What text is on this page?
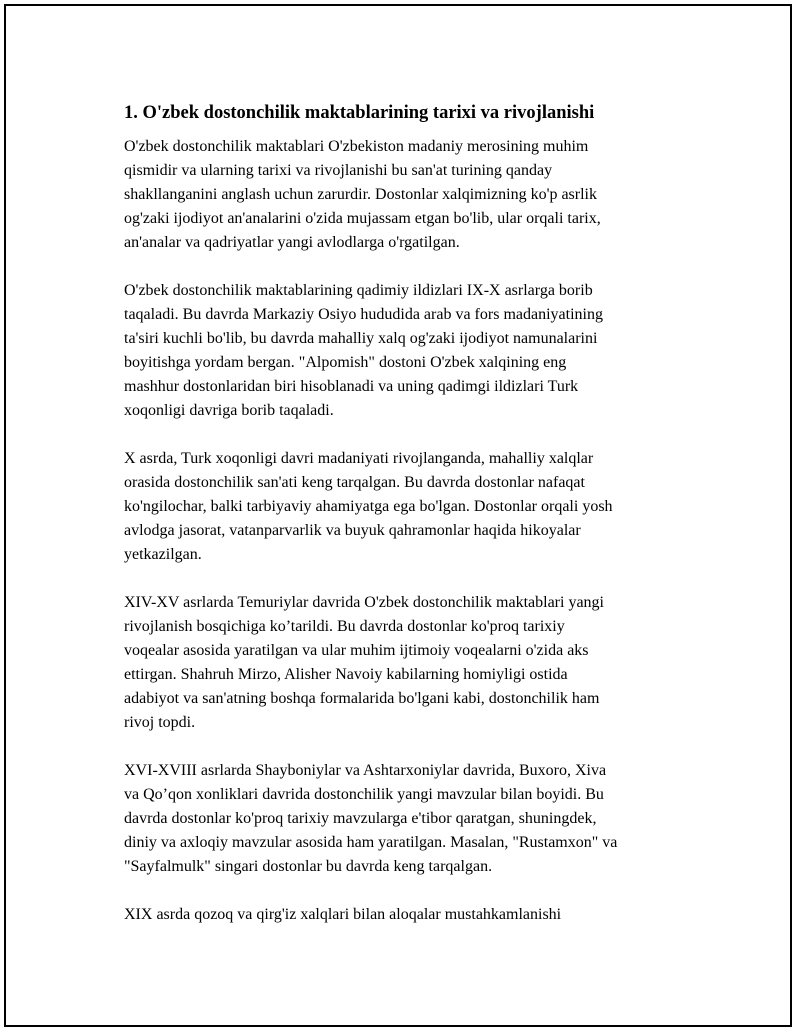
1. O'zbek dostonchilik maktablarining tarixi va rivojlanishi

O'zbek dostonchilik maktablari O'zbekiston madaniy merosining muhim
qismidir va ularning tarixi va rivojlanishi bu san'at turining qanday
shakllanganini anglash uchun zarurdir. Dostonlar xalqimizning ko'p asrlik
og'zaki ijodiyot an'analarini o'zida mujassam etgan bo'lib, ular orqali tarix,
an'analar va qadriyatlar yangi avlodlarga o'rgatilgan.

O'zbek dostonchilik maktablarining qadimiy ildizlari IX-X asrlarga borib
taqaladi. Bu davrda Markaziy Osiyo hududida arab va fors madaniyatining
ta'siri kuchli bo'lib, bu davrda mahalliy xalq og'zaki ijodiyot namunalarini
boyitishga yordam bergan. "Alpomish" dostoni O'zbek xalqining eng
mashhur dostonlaridan biri hisoblanadi va uning qadimgi ildizlari Turk
xoqonligi davriga borib taqaladi.

X asrda, Turk xoqonligi davri madaniyati rivojlanganda, mahalliy xalqlar
orasida dostonchilik san'ati keng tarqalgan. Bu davrda dostonlar nafaqat
ko'ngilochar, balki tarbiyaviy ahamiyatga ega bo'lgan. Dostonlar orqali yosh
avlodga jasorat, vatanparvarlik va buyuk qahramonlar haqida hikoyalar
yetkazilgan.

XIV-XV asrlarda Temuriylar davrida O'zbek dostonchilik maktablari yangi
rivojlanish bosqichiga ko’tarildi. Bu davrda dostonlar ko'proq tarixiy
voqealar asosida yaratilgan va ular muhim ijtimoiy voqealarni o'zida aks
ettirgan. Shahruh Mirzo, Alisher Navoiy kabilarning homiyligi ostida
adabiyot va san'atning boshqa formalarida bo'lgani kabi, dostonchilik ham
rivoj topdi.

XVI-XVIII asrlarda Shayboniylar va Ashtarxoniylar davrida, Buxoro, Xiva
va Qo’qon xonliklari davrida dostonchilik yangi mavzular bilan boyidi. Bu
davrda dostonlar ko'proq tarixiy mavzularga e'tibor qaratgan, shuningdek,
diniy va axloqiy mavzular asosida ham yaratilgan. Masalan, "Rustamxon" va
"Sayfalmulk" singari dostonlar bu davrda keng tarqalgan.

XIX asrda qozoq va qirg'iz xalqlari bilan aloqalar mustahkamlanishi
